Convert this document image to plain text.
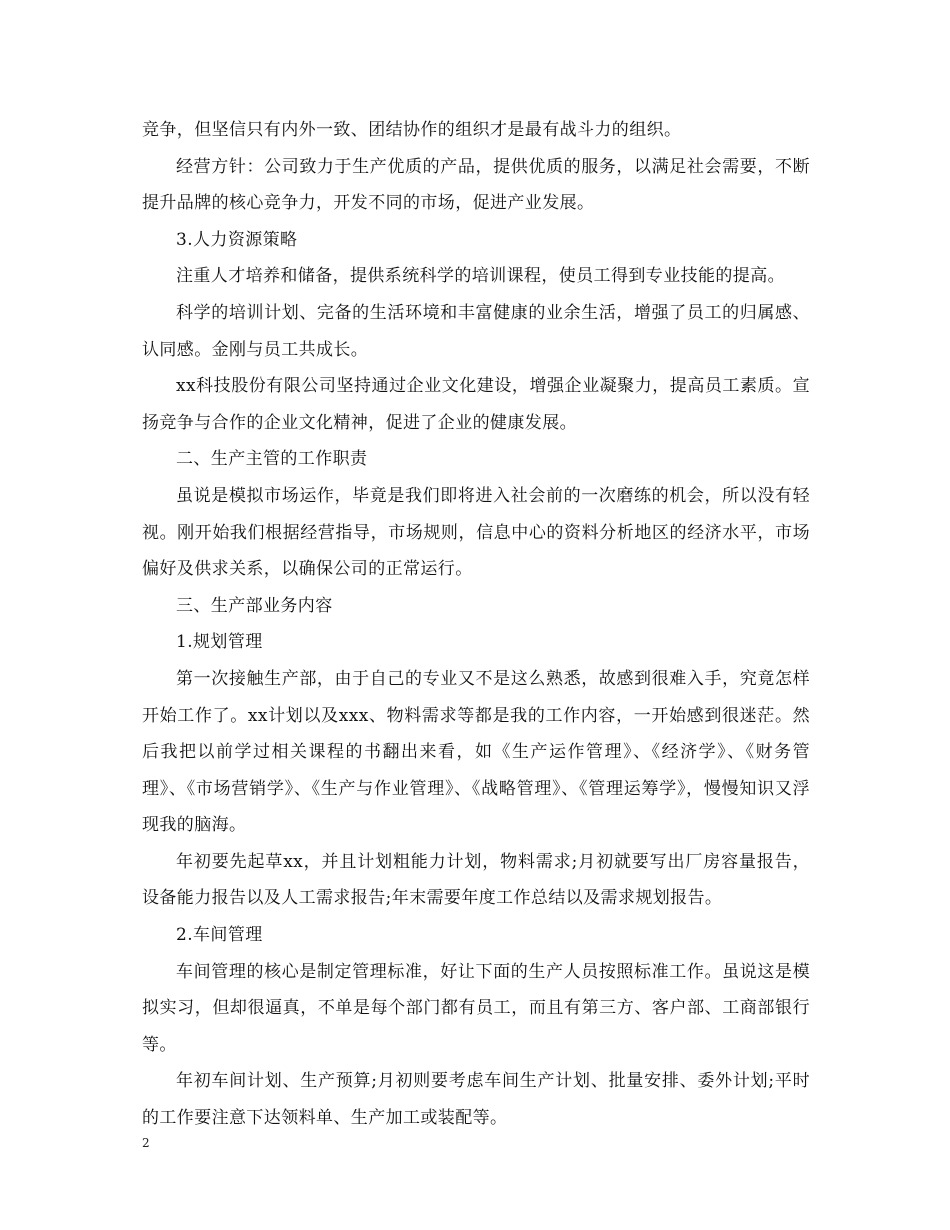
竞争，但坚信只有内外一致、团结协作的组织才是最有战斗力的组织。

经营方针：公司致力于生产优质的产品，提供优质的服务，以满足社会需要，不断提升品牌的核心竞争力，开发不同的市场，促进产业发展。

3.人力资源策略

注重人才培养和储备，提供系统科学的培训课程，使员工得到专业技能的提高。

科学的培训计划、完备的生活环境和丰富健康的业余生活，增强了员工的归属感、认同感。金刚与员工共成长。

xx科技股份有限公司坚持通过企业文化建设，增强企业凝聚力，提高员工素质。宣扬竞争与合作的企业文化精神，促进了企业的健康发展。

二、生产主管的工作职责

虽说是模拟市场运作，毕竟是我们即将进入社会前的一次磨练的机会，所以没有轻视。刚开始我们根据经营指导，市场规则，信息中心的资料分析地区的经济水平，市场偏好及供求关系，以确保公司的正常运行。

三、生产部业务内容

1.规划管理

第一次接触生产部，由于自己的专业又不是这么熟悉，故感到很难入手，究竟怎样开始工作了。xx计划以及xxx、物料需求等都是我的工作内容，一开始感到很迷茫。然后我把以前学过相关课程的书翻出来看，如《生产运作管理》、《经济学》、《财务管理》、《市场营销学》、《生产与作业管理》、《战略管理》、《管理运筹学》，慢慢知识又浮现我的脑海。

年初要先起草xx，并且计划粗能力计划，物料需求;月初就要写出厂房容量报告，设备能力报告以及人工需求报告;年末需要年度工作总结以及需求规划报告。

2.车间管理

车间管理的核心是制定管理标准，好让下面的生产人员按照标准工作。虽说这是模拟实习，但却很逼真，不单是每个部门都有员工，而且有第三方、客户部、工商部银行等。

年初车间计划、生产预算;月初则要考虑车间生产计划、批量安排、委外计划;平时的工作要注意下达领料单、生产加工或装配等。

2
